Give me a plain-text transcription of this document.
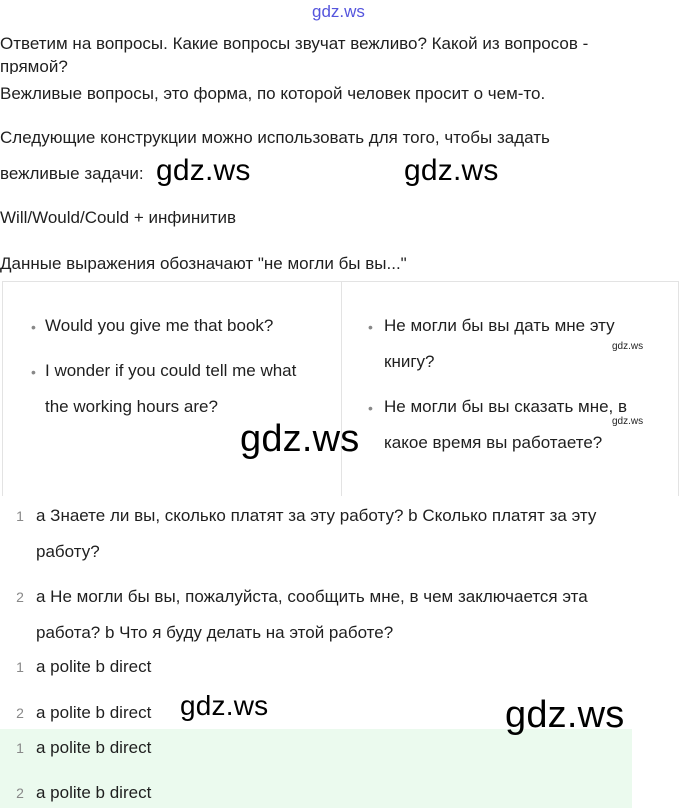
gdz.ws
Ответим на вопросы. Какие вопросы звучат вежливо? Какой из вопросов -
прямой?
Вежливые вопросы, это форма, по которой человек просит о чем-то.
Следующие конструкции можно использовать для того, чтобы задать
вежливые задачи:
Will/Would/Could + инфинитив
Данные выражения обозначают "не могли бы вы..."
gdz.ws	gdz.ws
• Would you give me that book?
• I wonder if you could tell me what
the working hours are?
• Не могли бы вы дать мне эту
книгу?
• Не могли бы вы сказать мне, в
какое время вы работаете?
gdz.ws
gdz.ws
gdz.ws
1 a Знаете ли вы, сколько платят за эту работу? b Сколько платят за эту
работу?
2 a Не могли бы вы, пожалуйста, сообщить мне, в чем заключается эта
работа? b Что я буду делать на этой работе?
1 a polite b direct
2 a polite b direct
1 a polite b direct
2 a polite b direct
gdz.ws	gdz.ws
